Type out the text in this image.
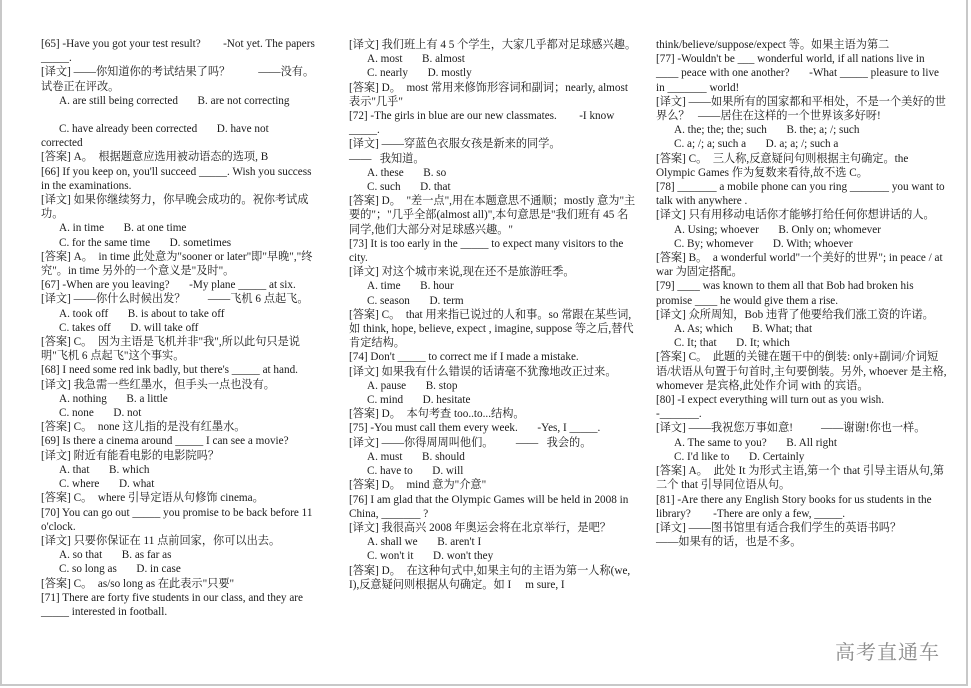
[65] -Have you got your test result?        -Not yet. The papers _____.
[译文] ——你知道你的考试结果了吗？          ——没有。试卷正在评改。
A. are still being corrected       B. are not correcting
C. have already been corrected       D. have not
corrected
[答案] A。  根据题意应选用被动语态的选项, B
[66] If you keep on, you'll succeed _____. Wish you success in the examinations.
[译文] 如果你继续努力，你早晚会成功的。祝你考试成功。
A. in time       B. at one time
C. for the same time       D. sometimes
[答案] A。  in time 此处意为"sooner or later"即"早晚","终究"。in time 另外的一个意义是"及时"。
[67] -When are you leaving?       -My plane _____ at six.
[译文] ——你什么时候出发？        ——飞机 6 点起飞。
A. took off       B. is about to take off
C. takes off       D. will take off
[答案] C。  因为主语是飞机并非"我",所以此句只是说明"飞机 6 点起飞"这个事实。
[68] I need some red ink badly, but there's _____ at hand.
[译文] 我急需一些红墨水，但手头一点也没有。
A. nothing       B. a little
C. none       D. not
[答案] C。  none 这儿指的是没有红墨水。
[69] Is there a cinema around _____ I can see a movie?
[译文] 附近有能看电影的电影院吗？
A. that       B. which
C. where       D. what
[答案] C。  where 引导定语从句修饰 cinema。
[70] You can go out _____ you promise to be back before 11 o'clock.
[译文] 只要你保证在 11 点前回家，你可以出去。
A. so that       B. as far as
C. so long as       D. in case
[答案] C。  as/so long as 在此表示"只要"
[71] There are forty five students in our class, and they are _____ interested in football.
[译文] 我们班上有 4 5 个学生，大家几乎都对足球感兴趣。
A. most       B. almost
C. nearly       D. mostly
[答案] D。  most 常用来修饰形容词和副词；nearly, almost 表示"几乎"
[72] -The girls in blue are our new classmates.        -I know _____.
[译文] ——穿蓝色衣服女孩是新来的同学。
——   我知道。
A. these       B. so
C. such       D. that
[答案] D。  "差一点",用在本题意思不通顺；mostly 意为"主要的"；"几乎全部(almost all)",本句意思是"我们班有 45 名同学,他们大部分对足球感兴趣。"
[73] It is too early in the _____ to expect many visitors to the city.
[译文] 对这个城市来说,现在还不是旅游旺季。
A. time       B. hour
C. season       D. term
[答案] C。  that 用来指已说过的人和事。so 常跟在某些词,如 think, hope, believe, expect , imagine, suppose 等之后,替代肯定结构。
[74] Don't _____ to correct me if I made a mistake.
[译文] 如果我有什么错误的话请毫不犹豫地改正过来。
A. pause       B. stop
C. mind       D. hesitate
[答案] D。  本句考查 too..to...结构。
[75] -You must call them every week.       -Yes, I _____.
[译文] ——你得周周叫他们。        ——   我会的。
A. must       B. should
C. have to       D. will
[答案] D。  mind 意为"介意"
[76] I am glad that the Olympic Games will be held in 2008 in China, _______ ?
[译文] 我很高兴 2008 年奥运会将在北京举行，是吧？
A. shall we       B. aren't I
C. won't it       D. won't they
[答案] D。  在这种句式中,如果主句的主语为第一人称(we, I),反意疑问则根据从句确定。如 I     m sure, I
think/believe/suppose/expect 等。如果主语为第二
[77] -Wouldn't be ___ wonderful world, if all nations live in ____ peace with one another?       -What _____ pleasure to live in _______ world!
[译文] ——如果所有的国家都和平相处，不是一个美好的世界么？   ——居住在这样的一个世界该多好呀!
A. the; the; the; such       B. the; a; /; such
C. a; /; a; such a       D. a; a; /; such a
[答案] C。  三人称,反意疑问句则根据主句确定。the Olympic Games 作为复数来看待,故不选 C。
[78] _______ a mobile phone can you ring _______ you want to talk with anywhere .
[译文] 只有用移动电话你才能够打给任何你想讲话的人。
A. Using; whoever       B. Only on; whomever
C. By; whomever       D. With; whoever
[答案] B。  a wonderful world"一个美好的世界"; in peace / at war 为固定搭配。
[79] ____ was known to them all that Bob had broken his promise ____ he would give them a rise.
[译文] 众所周知，Bob 违背了他要给我们涨工资的许诺。
A. As; which       B. What; that
C. It; that       D. It; which
[答案] C。  此题的关键在题干中的倒装: only+副词/介词短语/状语从句置于句首时,主句要倒装。另外, whoever 是主格, whomever 是宾格,此处作介词 with 的宾语。
[80] -I expect everything will turn out as you wish.
-_______.
[译文] ——我祝您万事如意!          ——谢谢!你也一样。
A. The same to you?       B. All right
C. I'd like to       D. Certainly
[答案] A。  此处 It 为形式主语,第一个 that 引导主语从句,第二个 that 引导同位语从句。
[81] -Are there any English Story books for us students in the library?        -There are only a few, _____.
[译文] ——图书馆里有适合我们学生的英语书吗？
——如果有的话，也是不多。
高考直通车
